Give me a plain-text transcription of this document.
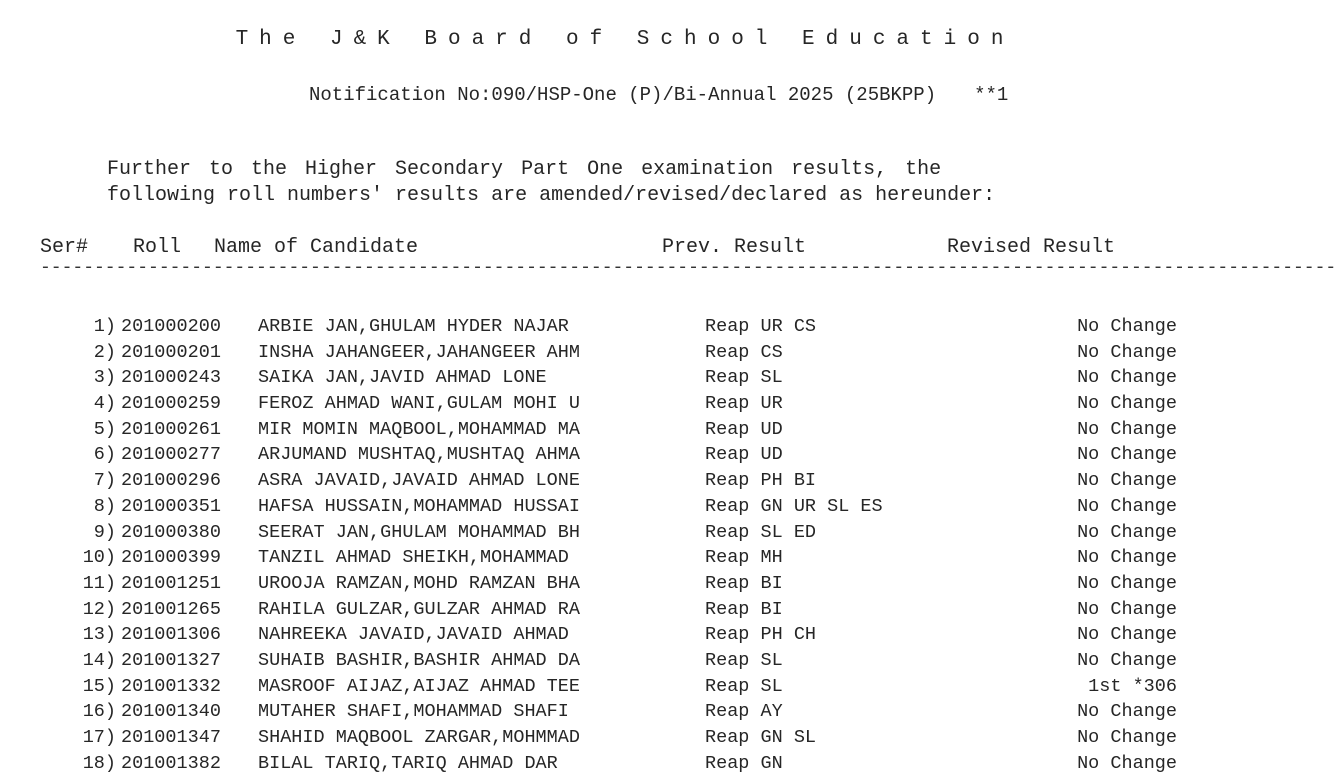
The J&K Board of School Education
Notification No:090/HSP-One (P)/Bi-Annual 2025 (25BKPP) **1
Further to the Higher Secondary Part One examination results, the
following roll numbers' results are amended/revised/declared as hereunder:
Ser# Roll Name of Candidate	Prev. Result	Revised Result
------------------------------------------------------------------------------------------------------------------------
1) 201000200 ARBIE JAN,GHULAM HYDER NAJAR	Reap UR CS	No Change
2) 201000201 INSHA JAHANGEER,JAHANGEER AHM	Reap CS	No Change
3) 201000243 SAIKA JAN,JAVID AHMAD LONE	Reap SL	No Change
4) 201000259 FEROZ AHMAD WANI,GULAM MOHI U	Reap UR	No Change
5) 201000261 MIR MOMIN MAQBOOL,MOHAMMAD MA	Reap UD	No Change
6) 201000277 ARJUMAND MUSHTAQ,MUSHTAQ AHMA	Reap UD	No Change
7) 201000296 ASRA JAVAID,JAVAID AHMAD LONE	Reap PH BI	No Change
8) 201000351 HAFSA HUSSAIN,MOHAMMAD HUSSAI	Reap GN UR SL ES	No Change
9) 201000380 SEERAT JAN,GHULAM MOHAMMAD BH	Reap SL ED	No Change
10) 201000399 TANZIL AHMAD SHEIKH,MOHAMMAD	Reap MH	No Change
11) 201001251 UROOJA RAMZAN,MOHD RAMZAN BHA	Reap BI	No Change
12) 201001265 RAHILA GULZAR,GULZAR AHMAD RA	Reap BI	No Change
13) 201001306 NAHREEKA JAVAID,JAVAID AHMAD	Reap PH CH	No Change
14) 201001327 SUHAIB BASHIR,BASHIR AHMAD DA	Reap SL	No Change
15) 201001332 MASROOF AIJAZ,AIJAZ AHMAD TEE	Reap SL	1st *306
16) 201001340 MUTAHER SHAFI,MOHAMMAD SHAFI	Reap AY	No Change
17) 201001347 SHAHID MAQBOOL ZARGAR,MOHMMAD	Reap GN SL	No Change
18) 201001382 BILAL TARIQ,TARIQ AHMAD DAR	Reap GN	No Change
